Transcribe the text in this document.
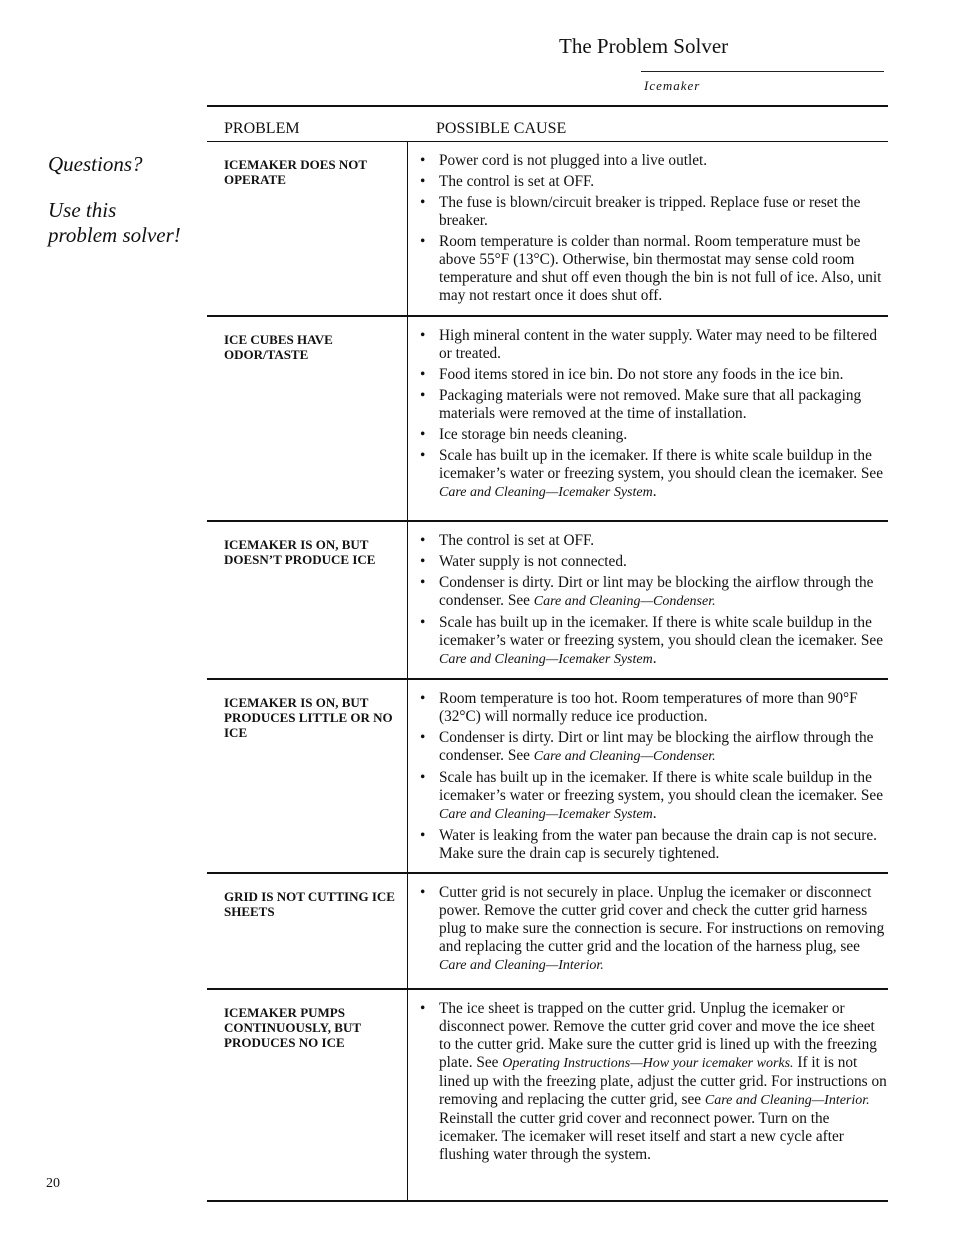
The Problem Solver
Icemaker
Questions?
Use this
problem solver!
PROBLEM	POSSIBLE CAUSE
ICEMAKER DOES NOT OPERATE
• Power cord is not plugged into a live outlet.
• The control is set at OFF.
• The fuse is blown/circuit breaker is tripped. Replace fuse or reset the breaker.
• Room temperature is colder than normal. Room temperature must be above 55°F (13°C). Otherwise, bin thermostat may sense cold room temperature and shut off even though the bin is not full of ice. Also, unit may not restart once it does shut off.
ICE CUBES HAVE ODOR/TASTE
• High mineral content in the water supply. Water may need to be filtered or treated.
• Food items stored in ice bin. Do not store any foods in the ice bin.
• Packaging materials were not removed. Make sure that all packaging materials were removed at the time of installation.
• Ice storage bin needs cleaning.
• Scale has built up in the icemaker. If there is white scale buildup in the icemaker’s water or freezing system, you should clean the icemaker. See Care and Cleaning—Icemaker System.
ICEMAKER IS ON, BUT DOESN’T PRODUCE ICE
• The control is set at OFF.
• Water supply is not connected.
• Condenser is dirty. Dirt or lint may be blocking the airflow through the condenser. See Care and Cleaning—Condenser.
• Scale has built up in the icemaker. If there is white scale buildup in the icemaker’s water or freezing system, you should clean the icemaker. See Care and Cleaning—Icemaker System.
ICEMAKER IS ON, BUT PRODUCES LITTLE OR NO ICE
• Room temperature is too hot. Room temperatures of more than 90°F (32°C) will normally reduce ice production.
• Condenser is dirty. Dirt or lint may be blocking the airflow through the condenser. See Care and Cleaning—Condenser.
• Scale has built up in the icemaker. If there is white scale buildup in the icemaker’s water or freezing system, you should clean the icemaker. See Care and Cleaning—Icemaker System.
• Water is leaking from the water pan because the drain cap is not secure. Make sure the drain cap is securely tightened.
GRID IS NOT CUTTING ICE SHEETS
• Cutter grid is not securely in place. Unplug the icemaker or disconnect power. Remove the cutter grid cover and check the cutter grid harness plug to make sure the connection is secure. For instructions on removing and replacing the cutter grid and the location of the harness plug, see Care and Cleaning—Interior.
ICEMAKER PUMPS CONTINUOUSLY, BUT PRODUCES NO ICE
• The ice sheet is trapped on the cutter grid. Unplug the icemaker or disconnect power. Remove the cutter grid cover and move the ice sheet to the cutter grid. Make sure the cutter grid is lined up with the freezing plate. See Operating Instructions—How your icemaker works. If it is not lined up with the freezing plate, adjust the cutter grid. For instructions on removing and replacing the cutter grid, see Care and Cleaning—Interior. Reinstall the cutter grid cover and reconnect power. Turn on the icemaker. The icemaker will reset itself and start a new cycle after flushing water through the system.
20
